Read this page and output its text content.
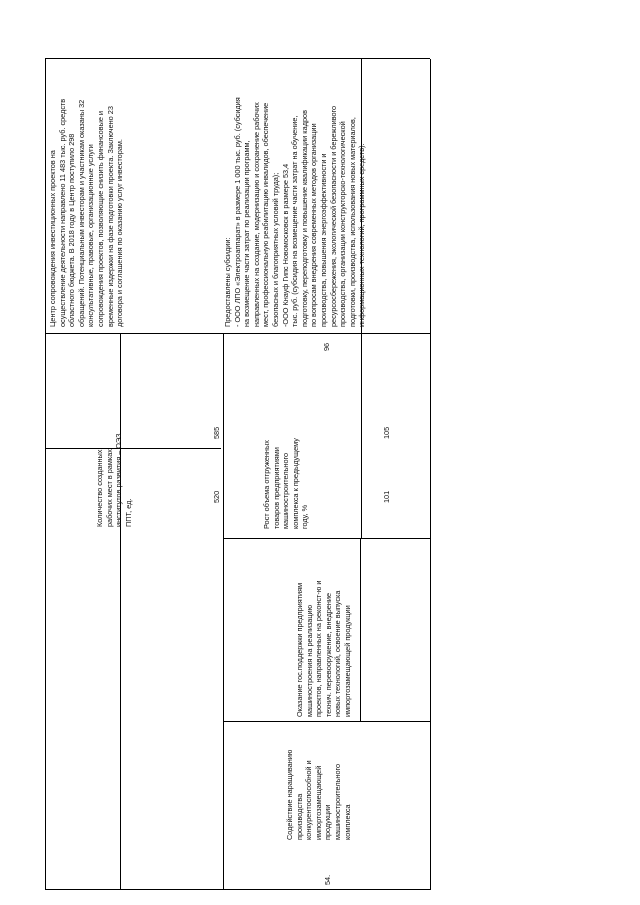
54.
Содействие наращиванию производства конкурентоспособной и импортозамещающей продукции машиностроительного комплекса
Оказание гос.поддержки предприятиям машиностроения на реализацию проектов, направленных на реконст-ю и технич. перевооружение, внедрение новых технологий, освоение выпуска импортозамещающей продукции
Рост объема отгруженных товаров предприятиями машиностроительного комплекса к предыдущему году, %
101
105
96
Предоставлены субсидии: - ООО ЛПО «Электроаппарат» в размере 1 000 тыс. руб. (субсидия на возмещение части затрат по реализации программ, направленных на создание, модернизацию и сохранение рабочих мест, профессиональную реабилитацию инвалидов, обеспечение безопасных и благоприятных условий труда); -ООО Кнауф Гипс Новомосковск в размере 53,4 тыс. руб. (субсидия на возмещение части затрат на обучение, подготовку, переподготовку и повышение квалификации кадров по вопросам внедрения современных методов организации производства, повышения энергоэффективности и ресурсосбережения, экологической безопасности и бережливого производства, организации конструкторско-технологической подготовки, производства, использования новых материалов, информационных технологий, программных средств).
Количество созданных рабочих мест в рамках институтов развития – ОЭЗ ППТ, ед.
520
585
Центр сопровождения инвестиционных проектов на осуществление деятельности направлено 11 483 тыс. руб. средств областного бюджета. В 2018 году в Центр поступило 298 обращений. Потенциальным инвесторам и участникам оказаны 32 консультативные, правовые, организационные услуги сопровождения проектов, позволяющие снизить финансовые и временные издержки на фазе подготовки проекта. Заключено 23 договора и соглашения по оказанию услуг инвесторам.
